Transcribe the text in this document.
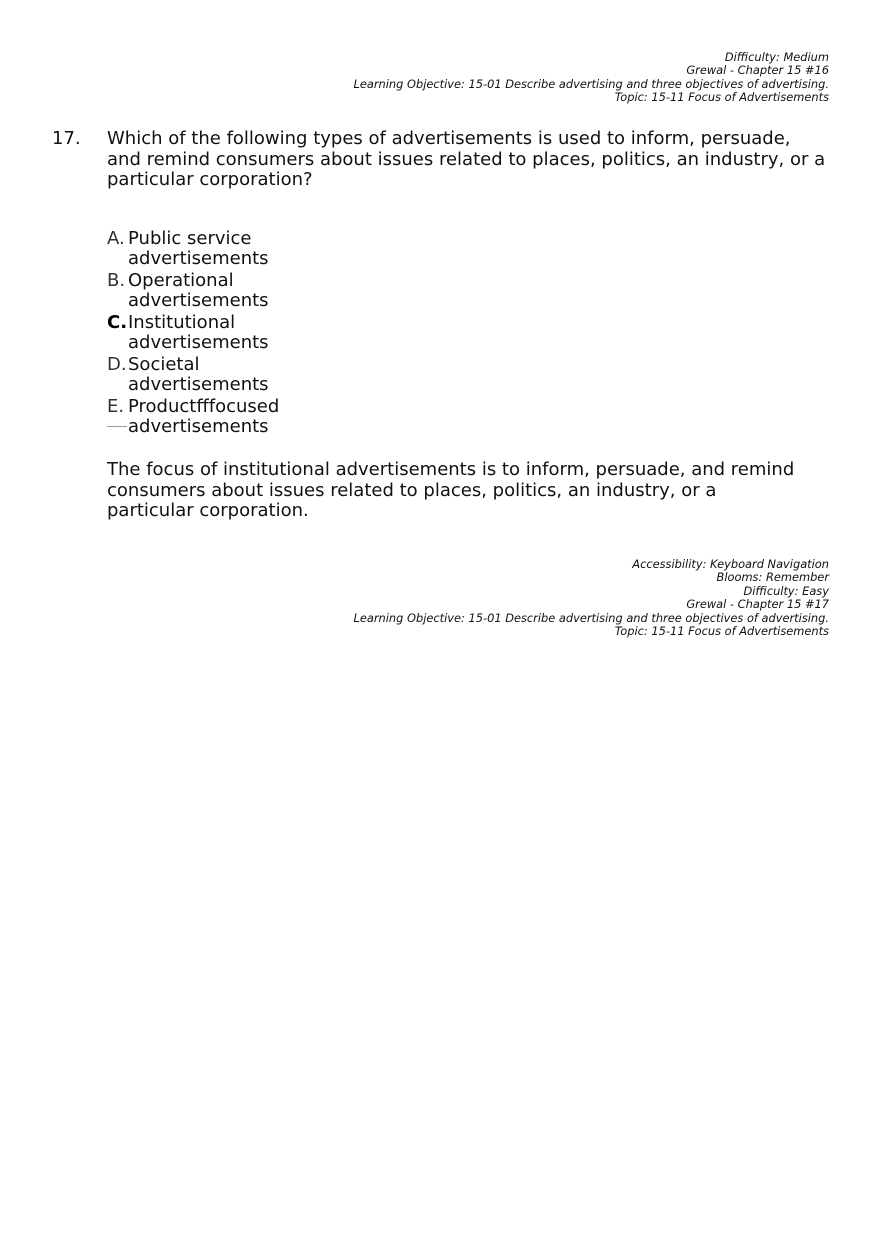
Difficulty: Medium
Grewal - Chapter 15 #16
Learning Objective: 15-01 Describe advertising and three objectives of advertising.
Topic: 15-11 Focus of Advertisements
17. Which of the following types of advertisements is used to inform, persuade, and remind consumers about issues related to places, politics, an industry, or a particular corporation?
A. Public service advertisements
B. Operational advertisements
C. Institutional advertisements
D. Societal advertisements
E. Productfffocused advertisements
The focus of institutional advertisements is to inform, persuade, and remind consumers about issues related to places, politics, an industry, or a particular corporation.
Accessibility: Keyboard Navigation
Blooms: Remember
Difficulty: Easy
Grewal - Chapter 15 #17
Learning Objective: 15-01 Describe advertising and three objectives of advertising.
Topic: 15-11 Focus of Advertisements
